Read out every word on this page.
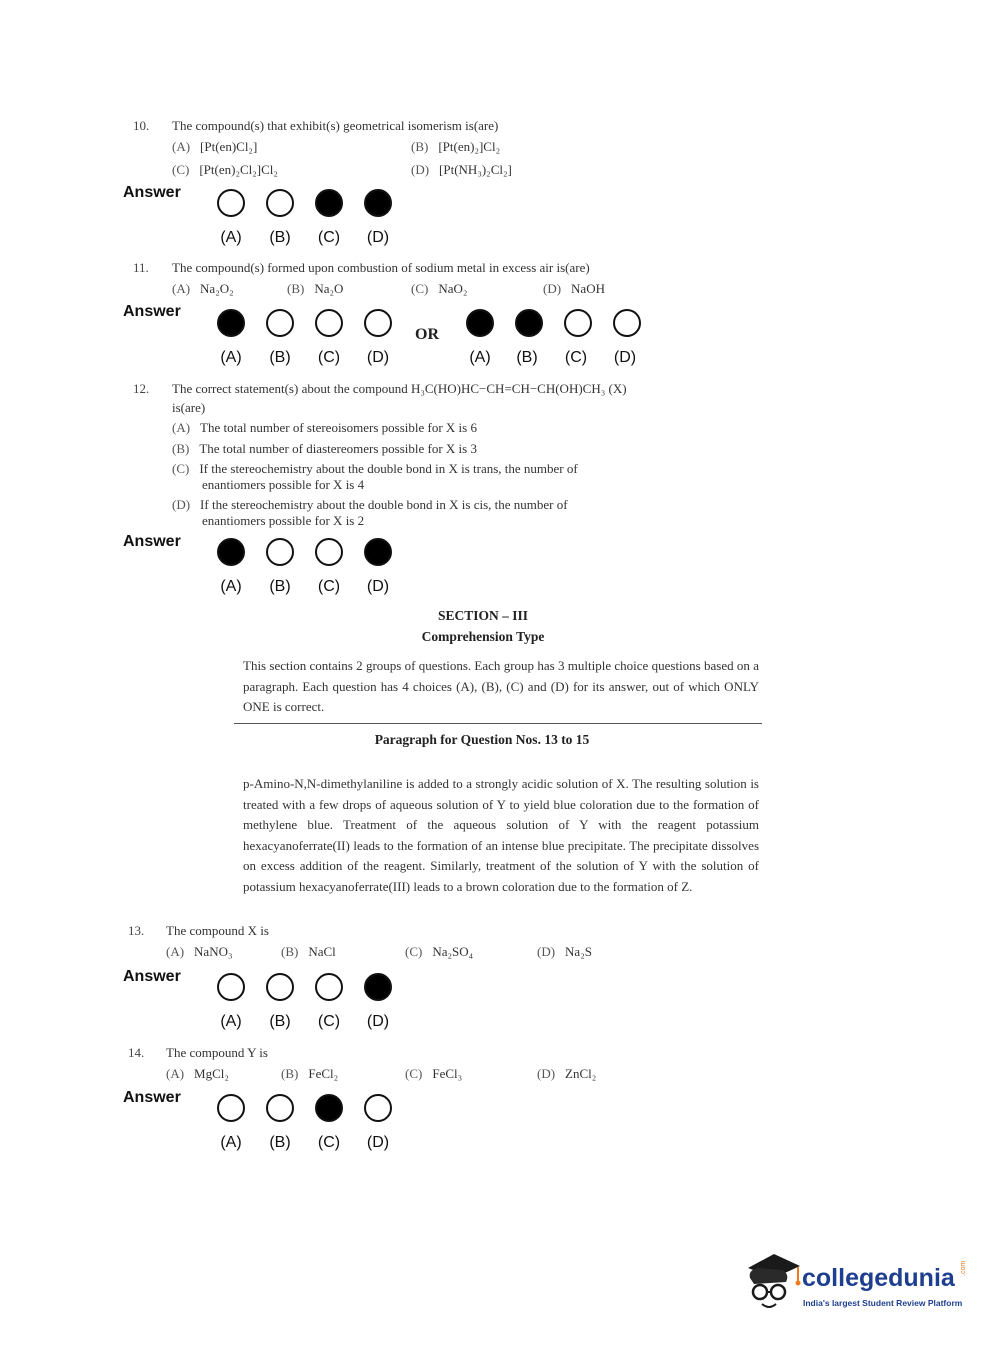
10. The compound(s) that exhibit(s) geometrical isomerism is(are)
(A) [Pt(en)Cl₂]	(B) [Pt(en)₂]Cl₂
(C) [Pt(en)₂Cl₂]Cl₂	(D) [Pt(NH₃)₂Cl₂]
Answer
(A)	(B)	(C)	(D)
11. The compound(s) formed upon combustion of sodium metal in excess air is(are)
(A) Na₂O₂	(B) Na₂O	(C) NaO₂	(D) NaOH
Answer
(A)	(B)	(C)	(D)
OR
(A)	(B)	(C)	(D)
12. The correct statement(s) about the compound H₃C(HO)HC−CH=CH−CH(OH)CH₃ (X)
is(are)
(A) The total number of stereoisomers possible for X is 6
(B) The total number of diastereomers possible for X is 3
(C) If the stereochemistry about the double bond in X is trans, the number of
enantiomers possible for X is 4
(D) If the stereochemistry about the double bond in X is cis, the number of
enantiomers possible for X is 2
Answer
(A)	(B)	(C)	(D)
SECTION – III
Comprehension Type
This section contains 2 groups of questions. Each group has 3 multiple choice questions based on a paragraph. Each question has 4 choices (A), (B), (C) and (D) for its answer, out of which ONLY ONE is correct.
Paragraph for Question Nos. 13 to 15
p-Amino-N,N-dimethylaniline is added to a strongly acidic solution of X. The resulting solution is treated with a few drops of aqueous solution of Y to yield blue coloration due to the formation of methylene blue. Treatment of the aqueous solution of Y with the reagent potassium hexacyanoferrate(II) leads to the formation of an intense blue precipitate. The precipitate dissolves on excess addition of the reagent. Similarly, treatment of the solution of Y with the solution of potassium hexacyanoferrate(III) leads to a brown coloration due to the formation of Z.
13. The compound X is
(A) NaNO₃	(B) NaCl	(C) Na₂SO₄	(D) Na₂S
Answer
(A)	(B)	(C)	(D)
14. The compound Y is
(A) MgCl₂	(B) FeCl₂	(C) FeCl₃	(D) ZnCl₂
Answer
(A)	(B)	(C)	(D)
collegedunia .com
India's largest Student Review Platform
